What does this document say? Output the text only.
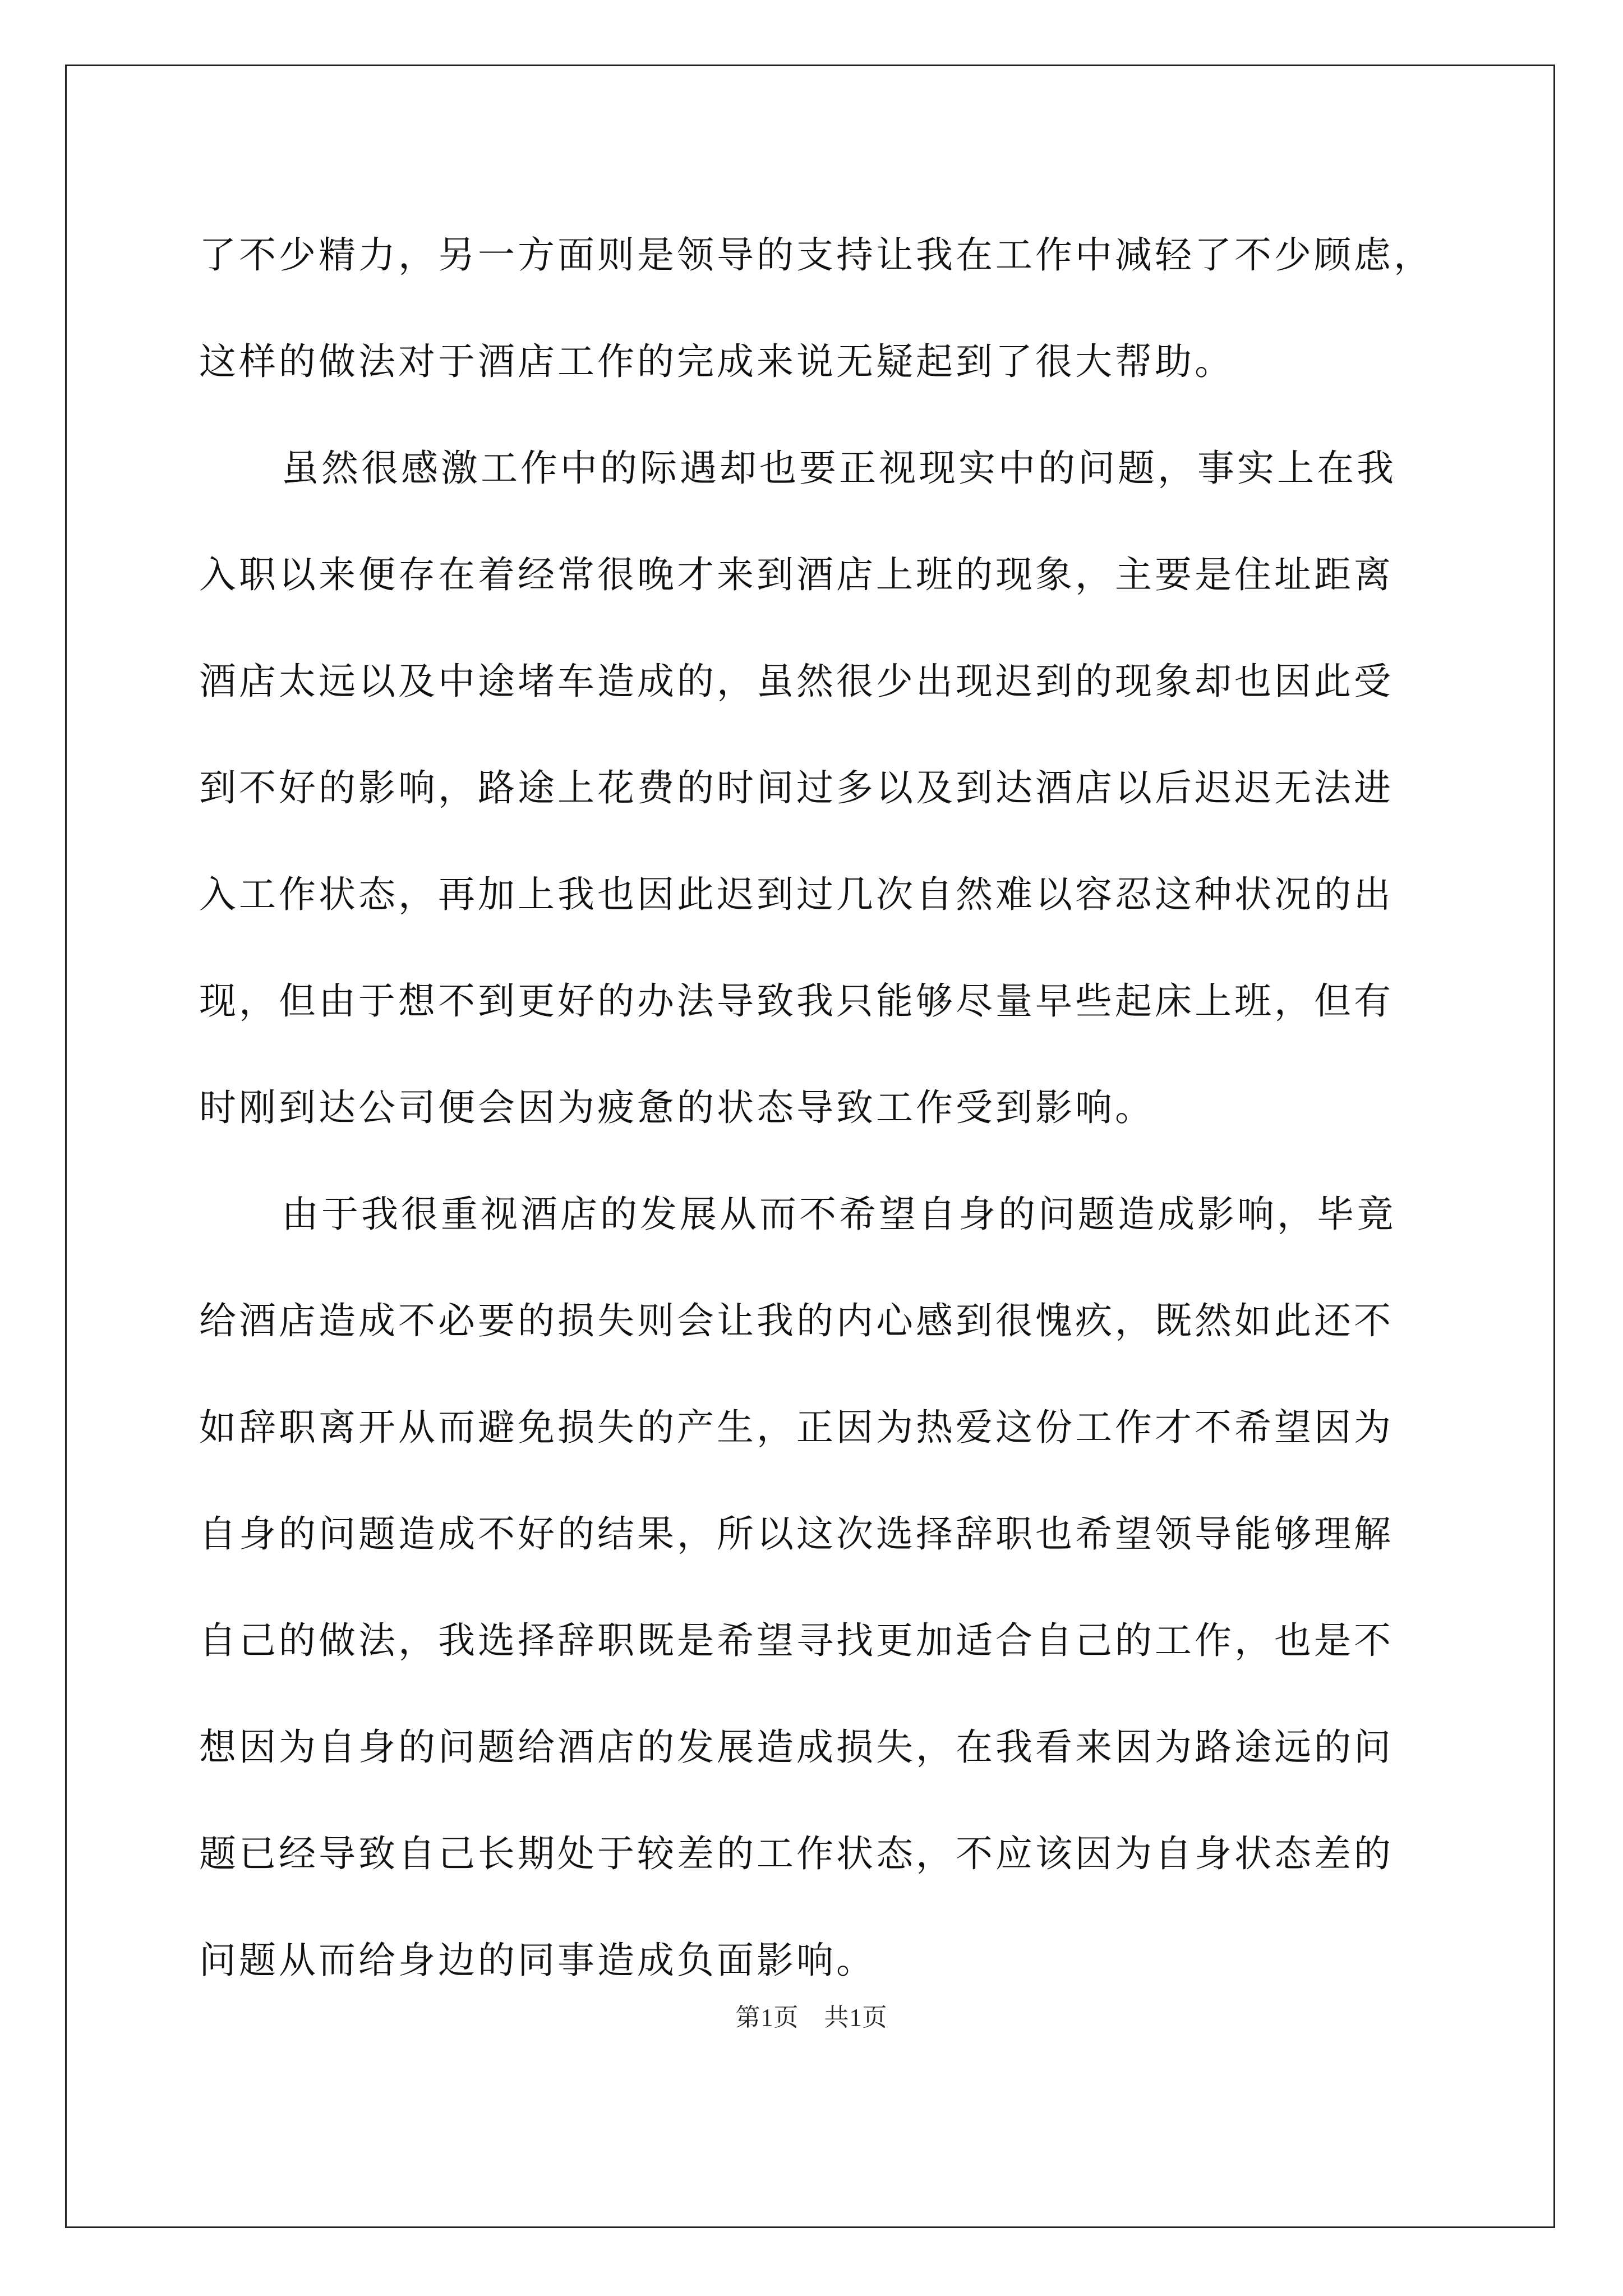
了不少精力，另一方面则是领导的支持让我在工作中减轻了不少顾虑，
这样的做法对于酒店工作的完成来说无疑起到了很大帮助。
虽然很感激工作中的际遇却也要正视现实中的问题，事实上在我
入职以来便存在着经常很晚才来到酒店上班的现象，主要是住址距离
酒店太远以及中途堵车造成的，虽然很少出现迟到的现象却也因此受
到不好的影响，路途上花费的时间过多以及到达酒店以后迟迟无法进
入工作状态，再加上我也因此迟到过几次自然难以容忍这种状况的出
现，但由于想不到更好的办法导致我只能够尽量早些起床上班，但有
时刚到达公司便会因为疲惫的状态导致工作受到影响。
由于我很重视酒店的发展从而不希望自身的问题造成影响，毕竟
给酒店造成不必要的损失则会让我的内心感到很愧疚，既然如此还不
如辞职离开从而避免损失的产生，正因为热爱这份工作才不希望因为
自身的问题造成不好的结果，所以这次选择辞职也希望领导能够理解
自己的做法，我选择辞职既是希望寻找更加适合自己的工作，也是不
想因为自身的问题给酒店的发展造成损失，在我看来因为路途远的问
题已经导致自己长期处于较差的工作状态，不应该因为自身状态差的
问题从而给身边的同事造成负面影响。
第1页　共1页
